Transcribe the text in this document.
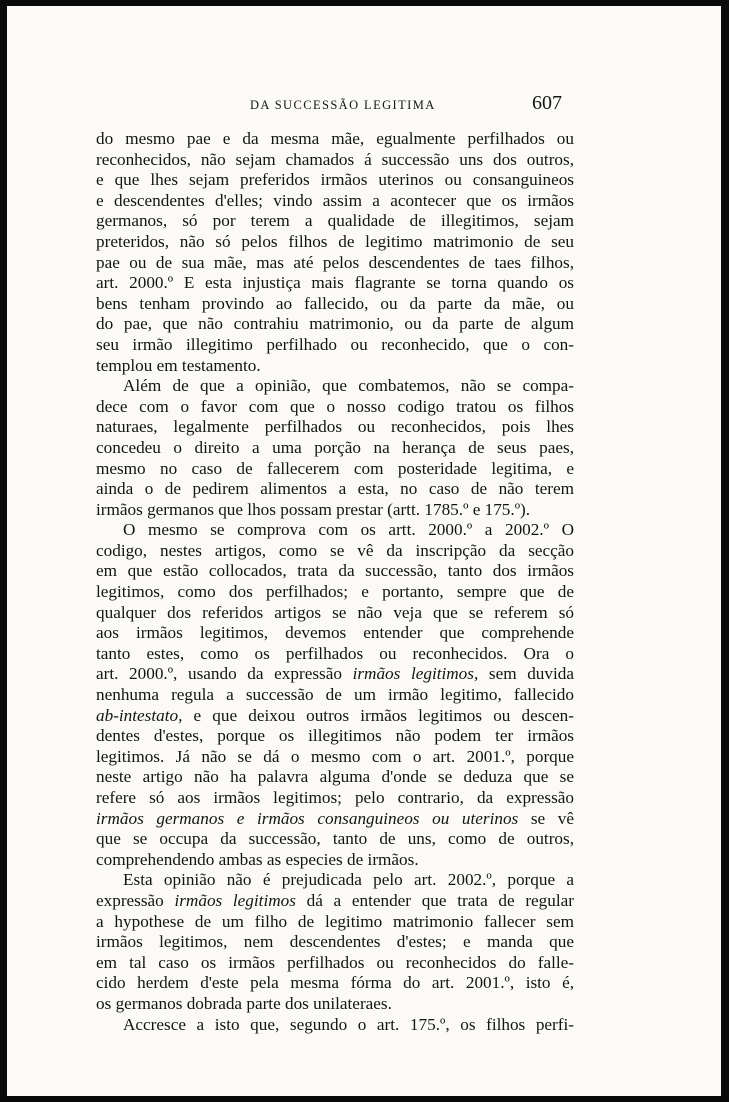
DA SUCCESSÃO LEGITIMA	607
do mesmo pae e da mesma mãe, egualmente perfilhados ou
reconhecidos, não sejam chamados á successão uns dos outros,
e que lhes sejam preferidos irmãos uterinos ou consanguineos
e descendentes d'elles; vindo assim a acontecer que os irmãos
germanos, só por terem a qualidade de illegitimos, sejam
preteridos, não só pelos filhos de legitimo matrimonio de seu
pae ou de sua mãe, mas até pelos descendentes de taes filhos,
art. 2000.º E esta injustiça mais flagrante se torna quando os
bens tenham provindo ao fallecido, ou da parte da mãe, ou
do pae, que não contrahiu matrimonio, ou da parte de algum
seu irmão illegitimo perfilhado ou reconhecido, que o con-
templou em testamento.
Além de que a opinião, que combatemos, não se compa-
dece com o favor com que o nosso codigo tratou os filhos
naturaes, legalmente perfilhados ou reconhecidos, pois lhes
concedeu o direito a uma porção na herança de seus paes,
mesmo no caso de fallecerem com posteridade legitima, e
ainda o de pedirem alimentos a esta, no caso de não terem
irmãos germanos que lhos possam prestar (artt. 1785.º e 175.º).
O mesmo se comprova com os artt. 2000.º a 2002.º O
codigo, nestes artigos, como se vê da inscripção da secção
em que estão collocados, trata da successão, tanto dos irmãos
legitimos, como dos perfilhados; e portanto, sempre que de
qualquer dos referidos artigos se não veja que se referem só
aos irmãos legitimos, devemos entender que comprehende
tanto estes, como os perfilhados ou reconhecidos. Ora o
art. 2000.º, usando da expressão irmãos legitimos, sem duvida
nenhuma regula a successão de um irmão legitimo, fallecido
ab-intestato, e que deixou outros irmãos legitimos ou descen-
dentes d'estes, porque os illegitimos não podem ter irmãos
legitimos. Já não se dá o mesmo com o art. 2001.º, porque
neste artigo não ha palavra alguma d'onde se deduza que se
refere só aos irmãos legitimos; pelo contrario, da expressão
irmãos germanos e irmãos consanguineos ou uterinos se vê
que se occupa da successão, tanto de uns, como de outros,
comprehendendo ambas as especies de irmãos.
Esta opinião não é prejudicada pelo art. 2002.º, porque a
expressão irmãos legitimos dá a entender que trata de regular
a hypothese de um filho de legitimo matrimonio fallecer sem
irmãos legitimos, nem descendentes d'estes; e manda que
em tal caso os irmãos perfilhados ou reconhecidos do falle-
cido herdem d'este pela mesma fórma do art. 2001.º, isto é,
os germanos dobrada parte dos unilateraes.
Accresce a isto que, segundo o art. 175.º, os filhos perfi-
